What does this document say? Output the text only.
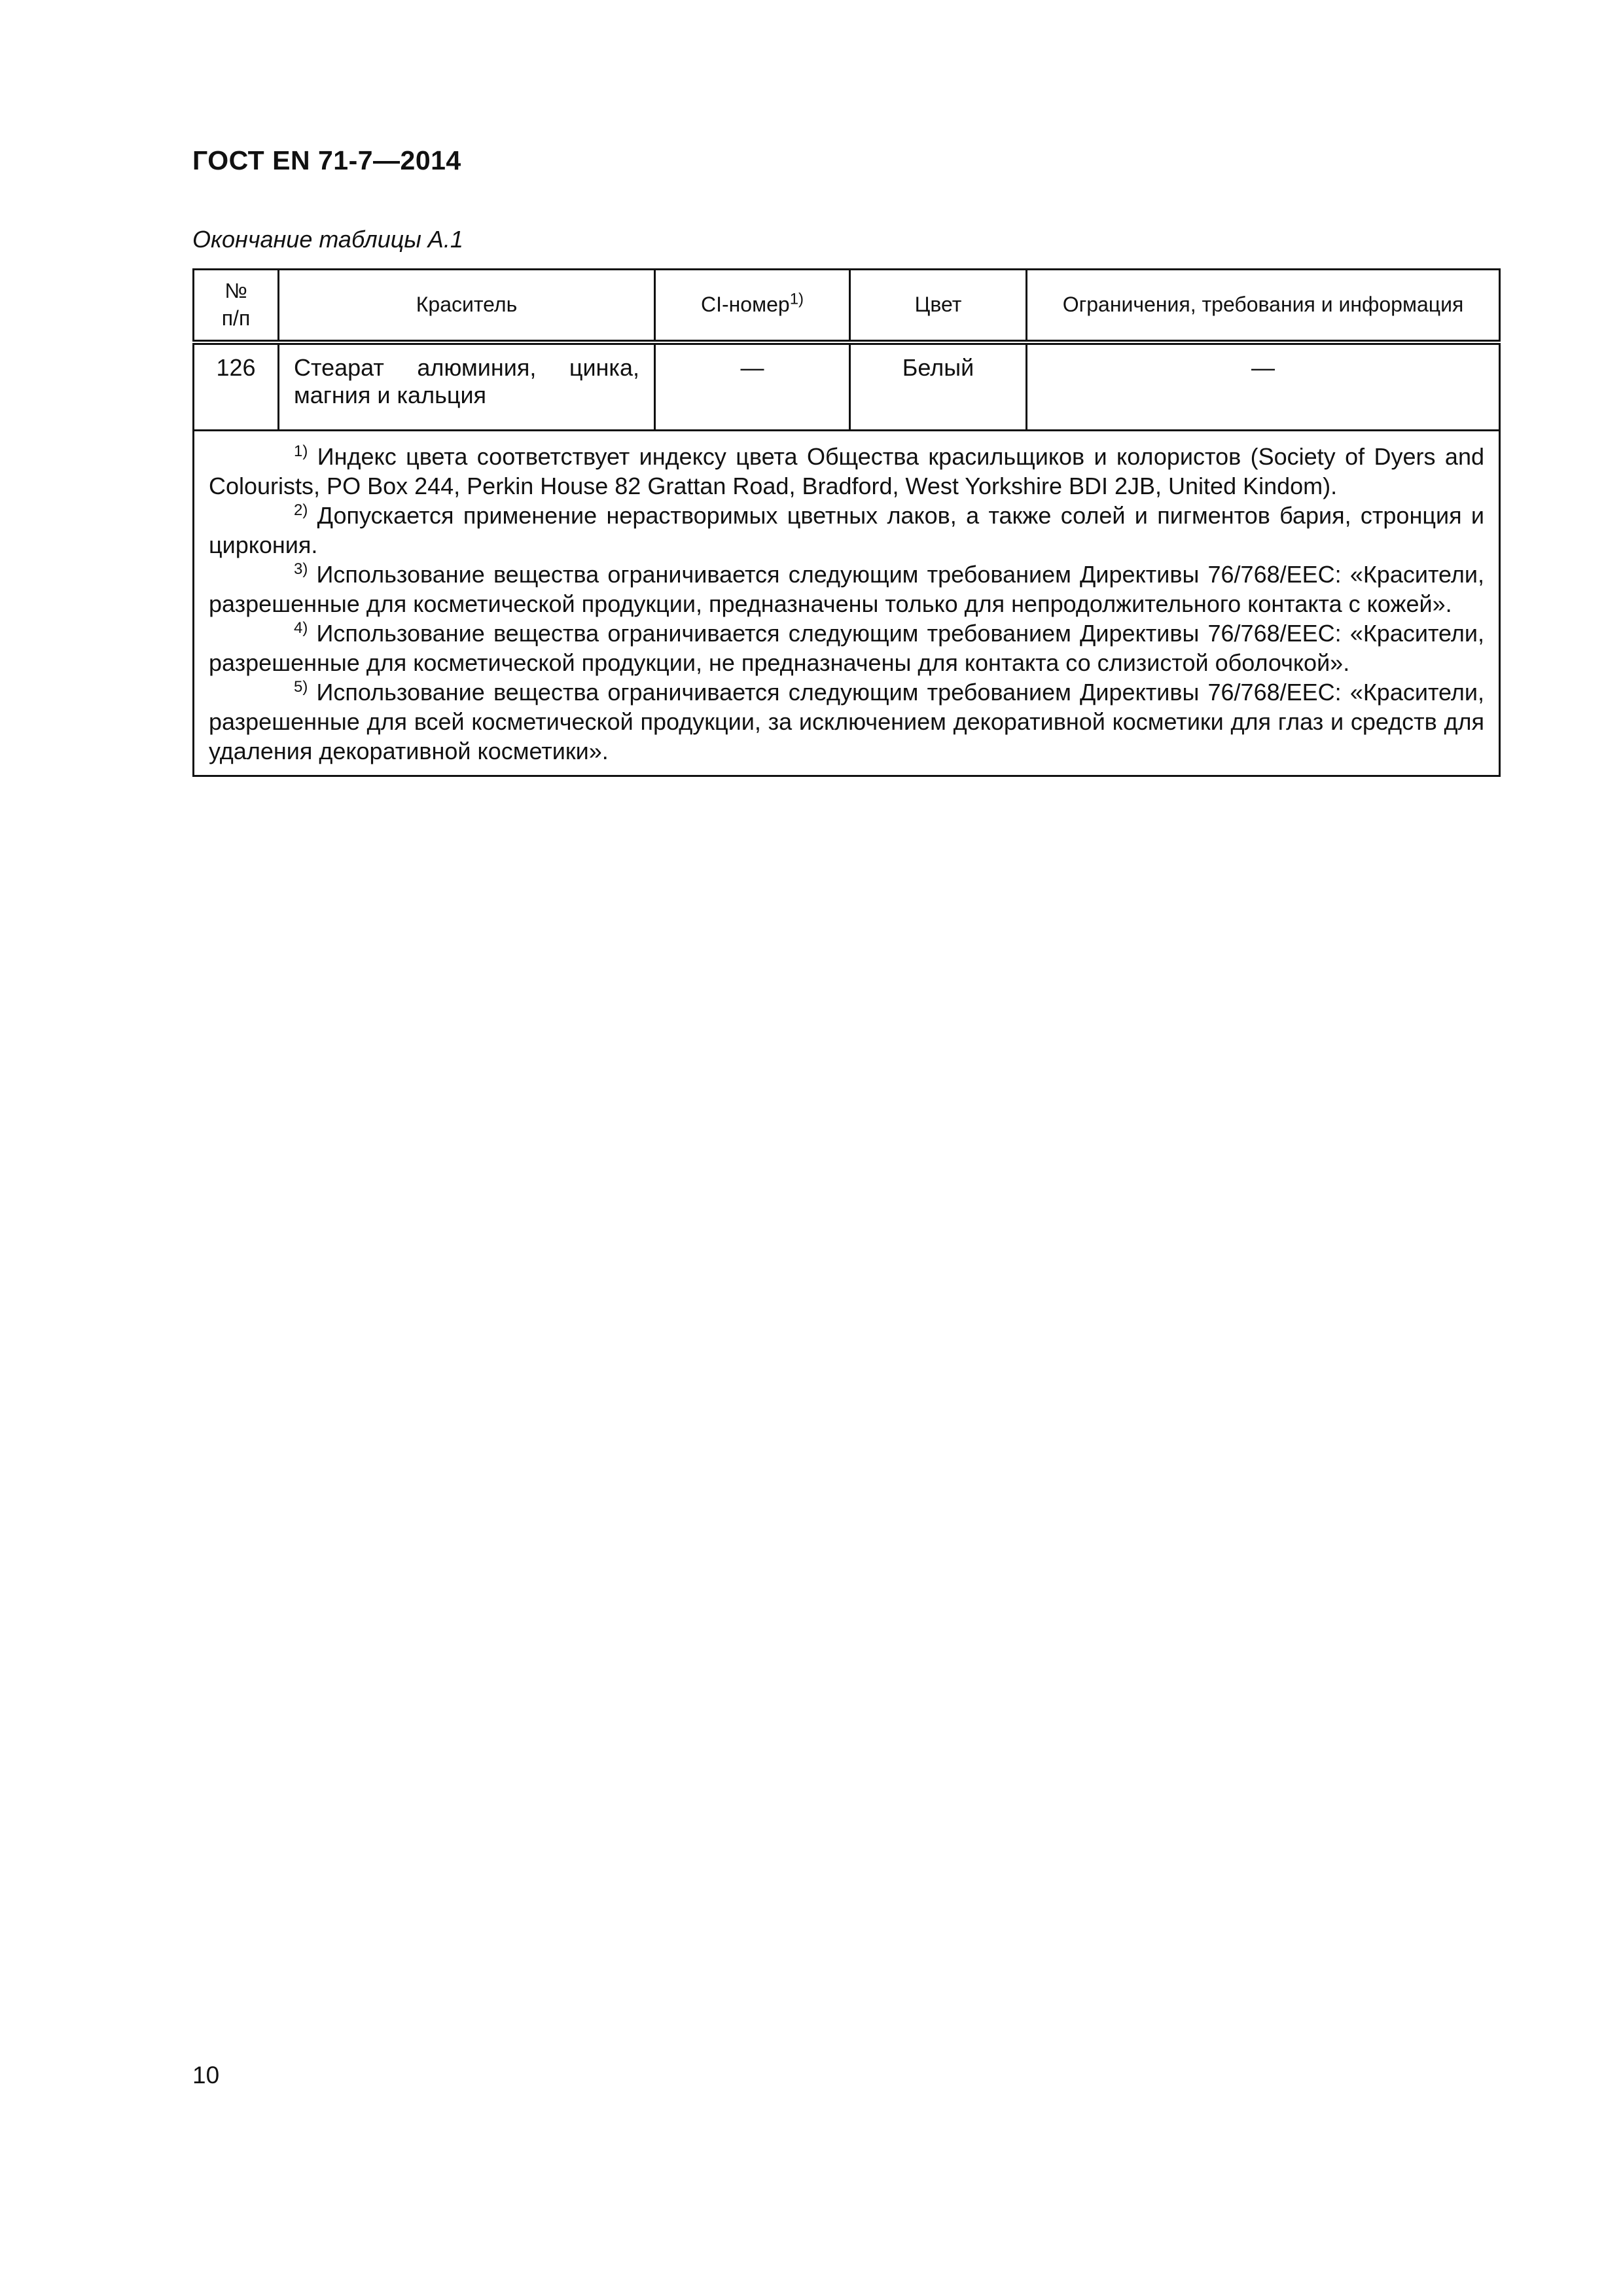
ГОСТ EN 71-7—2014
Окончание таблицы А.1
№ п/п	Краситель	CI-номер$^{1)}$	Цвет	Ограничения, требования и информация
126	Стеарат алюминия, цинка, магния и кальция	—	Белый	—

$^{1)}$ Индекс цвета соответствует индексу цвета Общества красильщиков и колористов (Society of Dyers and Colourists, PO Box 244, Perkin House 82 Grattan Road, Bradford, West Yorkshire BDI 2JB, United Kindom).

$^{2)}$ Допускается применение нерастворимых цветных лаков, а также солей и пигментов бария, стронция и циркония.

$^{3)}$ Использование вещества ограничивается следующим требованием Директивы 76/768/ЕЕС: «Красители, разрешенные для косметической продукции, предназначены только для непродолжительного контакта с кожей».

$^{4)}$ Использование вещества ограничивается следующим требованием Директивы 76/768/ЕЕС: «Красители, разрешенные для косметической продукции, не предназначены для контакта со слизистой оболочкой».

$^{5)}$ Использование вещества ограничивается следующим требованием Директивы 76/768/ЕЕС: «Красители, разрешенные для всей косметической продукции, за исключением декоративной косметики для глаз и средств для удаления декоративной косметики».				

10
